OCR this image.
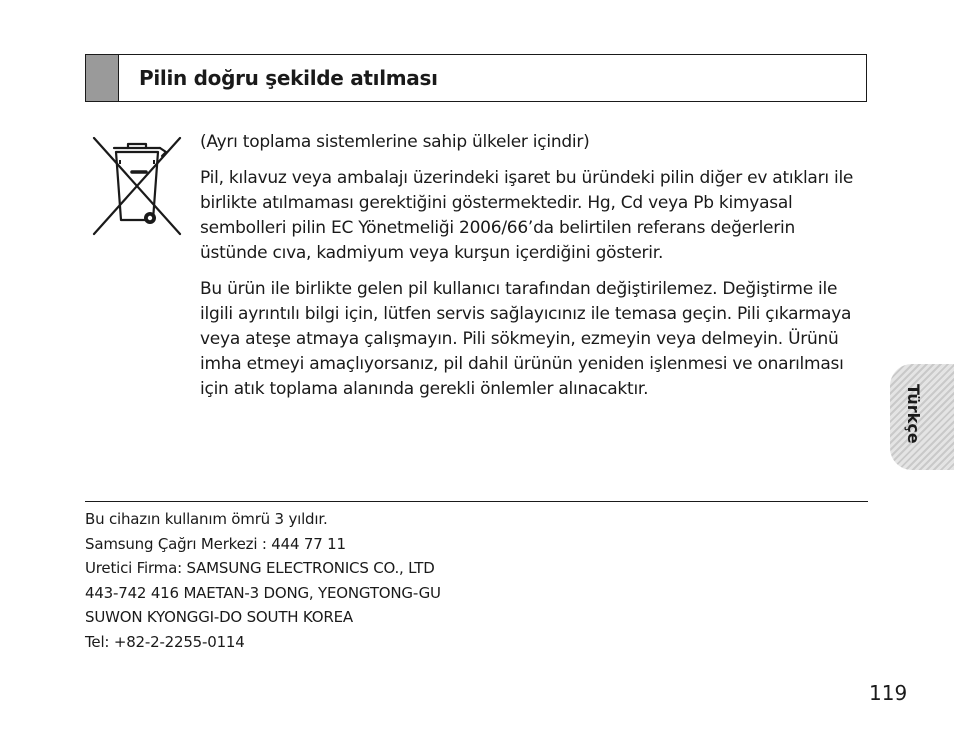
Pilin doğru şekilde atılması

(Ayrı toplama sistemlerine sahip ülkeler içindir)

Pil, kılavuz veya ambalajı üzerindeki işaret bu üründeki pilin diğer ev atıkları ile birlikte atılmaması gerektiğini göstermektedir. Hg, Cd veya Pb kimyasal sembolleri pilin EC Yönetmeliği 2006/66’da belirtilen referans değerlerin üstünde cıva, kadmiyum veya kurşun içerdiğini gösterir.

Bu ürün ile birlikte gelen pil kullanıcı tarafından değiştirilemez. Değiştirme ile ilgili ayrıntılı bilgi için, lütfen servis sağlayıcınız ile temasa geçin. Pili çıkarmaya veya ateşe atmaya çalışmayın. Pili sökmeyin, ezmeyin veya delmeyin. Ürünü imha etmeyi amaçlıyorsanız, pil dahil ürünün yeniden işlenmesi ve onarılması için atık toplama alanında gerekli önlemler alınacaktır.

Bu cihazın kullanım ömrü 3 yıldır.
Samsung Çağrı Merkezi : 444 77 11
Uretici Firma: SAMSUNG ELECTRONICS CO., LTD
443-742 416 MAETAN-3 DONG, YEONGTONG-GU
SUWON KYONGGI-DO SOUTH KOREA
Tel: +82-2-2255-0114
Türkçe
119
